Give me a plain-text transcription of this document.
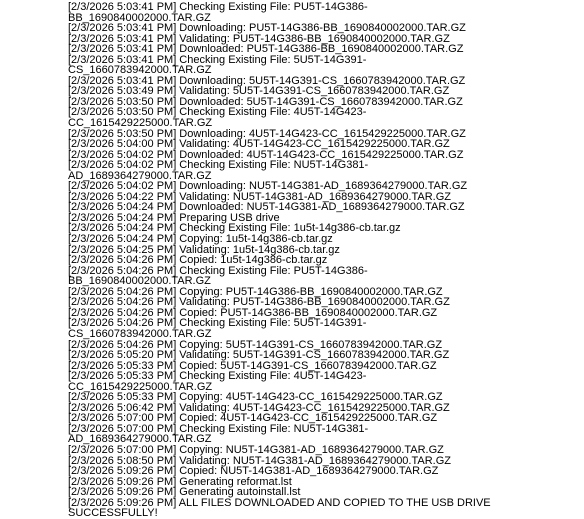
[2/3/2026 5:03:41 PM] Checking Existing File: PU5T-14G386-BB_1690840002000.TAR.GZ
[2/3/2026 5:03:41 PM] Downloading: PU5T-14G386-BB_1690840002000.TAR.GZ
[2/3/2026 5:03:41 PM] Validating: PU5T-14G386-BB_1690840002000.TAR.GZ
[2/3/2026 5:03:41 PM] Downloaded: PU5T-14G386-BB_1690840002000.TAR.GZ
[2/3/2026 5:03:41 PM] Checking Existing File: 5U5T-14G391-CS_1660783942000.TAR.GZ
[2/3/2026 5:03:41 PM] Downloading: 5U5T-14G391-CS_1660783942000.TAR.GZ
[2/3/2026 5:03:49 PM] Validating: 5U5T-14G391-CS_1660783942000.TAR.GZ
[2/3/2026 5:03:50 PM] Downloaded: 5U5T-14G391-CS_1660783942000.TAR.GZ
[2/3/2026 5:03:50 PM] Checking Existing File: 4U5T-14G423-CC_1615429225000.TAR.GZ
[2/3/2026 5:03:50 PM] Downloading: 4U5T-14G423-CC_1615429225000.TAR.GZ
[2/3/2026 5:04:00 PM] Validating: 4U5T-14G423-CC_1615429225000.TAR.GZ
[2/3/2026 5:04:02 PM] Downloaded: 4U5T-14G423-CC_1615429225000.TAR.GZ
[2/3/2026 5:04:02 PM] Checking Existing File: NU5T-14G381-AD_1689364279000.TAR.GZ
[2/3/2026 5:04:02 PM] Downloading: NU5T-14G381-AD_1689364279000.TAR.GZ
[2/3/2026 5:04:22 PM] Validating: NU5T-14G381-AD_1689364279000.TAR.GZ
[2/3/2026 5:04:24 PM] Downloaded: NU5T-14G381-AD_1689364279000.TAR.GZ
[2/3/2026 5:04:24 PM] Preparing USB drive
[2/3/2026 5:04:24 PM] Checking Existing File: 1u5t-14g386-cb.tar.gz
[2/3/2026 5:04:24 PM] Copying: 1u5t-14g386-cb.tar.gz
[2/3/2026 5:04:25 PM] Validating: 1u5t-14g386-cb.tar.gz
[2/3/2026 5:04:26 PM] Copied: 1u5t-14g386-cb.tar.gz
[2/3/2026 5:04:26 PM] Checking Existing File: PU5T-14G386-BB_1690840002000.TAR.GZ
[2/3/2026 5:04:26 PM] Copying: PU5T-14G386-BB_1690840002000.TAR.GZ
[2/3/2026 5:04:26 PM] Validating: PU5T-14G386-BB_1690840002000.TAR.GZ
[2/3/2026 5:04:26 PM] Copied: PU5T-14G386-BB_1690840002000.TAR.GZ
[2/3/2026 5:04:26 PM] Checking Existing File: 5U5T-14G391-CS_1660783942000.TAR.GZ
[2/3/2026 5:04:26 PM] Copying: 5U5T-14G391-CS_1660783942000.TAR.GZ
[2/3/2026 5:05:20 PM] Validating: 5U5T-14G391-CS_1660783942000.TAR.GZ
[2/3/2026 5:05:33 PM] Copied: 5U5T-14G391-CS_1660783942000.TAR.GZ
[2/3/2026 5:05:33 PM] Checking Existing File: 4U5T-14G423-CC_1615429225000.TAR.GZ
[2/3/2026 5:05:33 PM] Copying: 4U5T-14G423-CC_1615429225000.TAR.GZ
[2/3/2026 5:06:42 PM] Validating: 4U5T-14G423-CC_1615429225000.TAR.GZ
[2/3/2026 5:07:00 PM] Copied: 4U5T-14G423-CC_1615429225000.TAR.GZ
[2/3/2026 5:07:00 PM] Checking Existing File: NU5T-14G381-AD_1689364279000.TAR.GZ
[2/3/2026 5:07:00 PM] Copying: NU5T-14G381-AD_1689364279000.TAR.GZ
[2/3/2026 5:08:50 PM] Validating: NU5T-14G381-AD_1689364279000.TAR.GZ
[2/3/2026 5:09:26 PM] Copied: NU5T-14G381-AD_1689364279000.TAR.GZ
[2/3/2026 5:09:26 PM] Generating reformat.lst
[2/3/2026 5:09:26 PM] Generating autoinstall.lst
[2/3/2026 5:09:26 PM] ALL FILES DOWNLOADED AND COPIED TO THE USB DRIVE SUCCESSFULLY!
